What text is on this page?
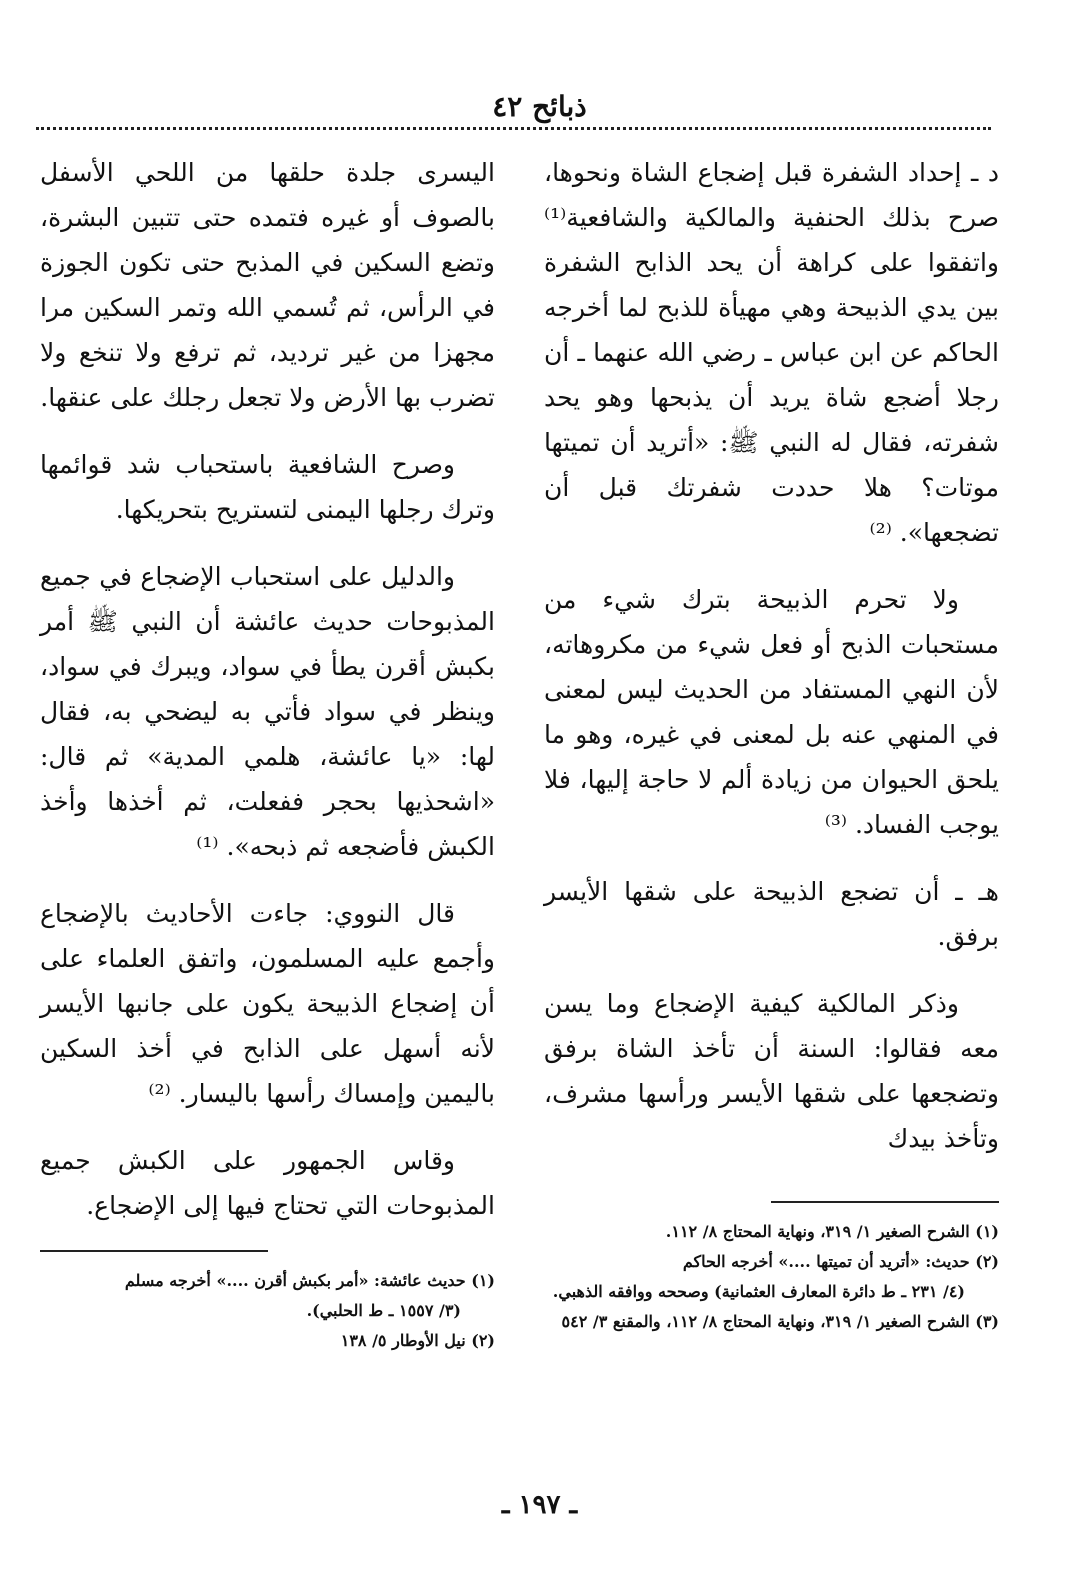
ذبائح ٤٢

د ـ إحداد الشفرة قبل إضجاع الشاة ونحوها، صرح بذلك الحنفية والمالكية والشافعية⁽¹⁾ واتفقوا على كراهة أن يحد الذابح الشفرة بين يدي الذبيحة وهي مهيأة للذبح لما أخرجه الحاكم عن ابن عباس ـ رضي الله عنهما ـ أن رجلا أضجع شاة يريد أن يذبحها وهو يحد شفرته، فقال له النبي ﷺ: «أتريد أن تميتها موتات؟ هلا حددت شفرتك قبل أن تضجعها». ⁽²⁾

ولا تحرم الذبيحة بترك شيء من مستحبات الذبح أو فعل شيء من مكروهاته، لأن النهي المستفاد من الحديث ليس لمعنى في المنهي عنه بل لمعنى في غيره، وهو ما يلحق الحيوان من زيادة ألم لا حاجة إليها، فلا يوجب الفساد. ⁽³⁾

هـ ـ أن تضجع الذبيحة على شقها الأيسر برفق.

وذكر المالكية كيفية الإضجاع وما يسن معه فقالوا: السنة أن تأخذ الشاة برفق وتضجعها على شقها الأيسر ورأسها مشرف، وتأخذ بيدك

(١) الشرح الصغير ١/ ٣١٩، ونهاية المحتاج ٨/ ١١٢.
(٢) حديث: «أتريد أن تميتها ....» أخرجه الحاكم
(٤/ ٢٣١ ـ ط دائرة المعارف العثمانية) وصححه ووافقه الذهبي.
(٣) الشرح الصغير ١/ ٣١٩، ونهاية المحتاج ٨/ ١١٢، والمقنع ٣/ ٥٤٢

اليسرى جلدة حلقها من اللحي الأسفل بالصوف أو غيره فتمده حتى تتبين البشرة، وتضع السكين في المذبح حتى تكون الجوزة في الرأس، ثم تُسمي الله وتمر السكين مرا مجهزا من غير ترديد، ثم ترفع ولا تنخع ولا تضرب بها الأرض ولا تجعل رجلك على عنقها.

وصرح الشافعية باستحباب شد قوائمها وترك رجلها اليمنى لتستريح بتحريكها.

والدليل على استحباب الإضجاع في جميع المذبوحات حديث عائشة أن النبي ﷺ أمر بكبش أقرن يطأ في سواد، ويبرك في سواد، وينظر في سواد فأتي به ليضحي به، فقال لها: «يا عائشة، هلمي المدية» ثم قال: «اشحذيها بحجر ففعلت، ثم أخذها وأخذ الكبش فأضجعه ثم ذبحه». ⁽¹⁾

قال النووي: جاءت الأحاديث بالإضجاع وأجمع عليه المسلمون، واتفق العلماء على أن إضجاع الذبيحة يكون على جانبها الأيسر لأنه أسهل على الذابح في أخذ السكين باليمين وإمساك رأسها باليسار. ⁽²⁾

وقاس الجمهور على الكبش جميع المذبوحات التي تحتاج فيها إلى الإضجاع.

(١) حديث عائشة: «أمر بكبش أقرن ....» أخرجه مسلم
(٣/ ١٥٥٧ ـ ط الحلبي).
(٢) نيل الأوطار ٥/ ١٣٨
ـ ١٩٧ ـ
